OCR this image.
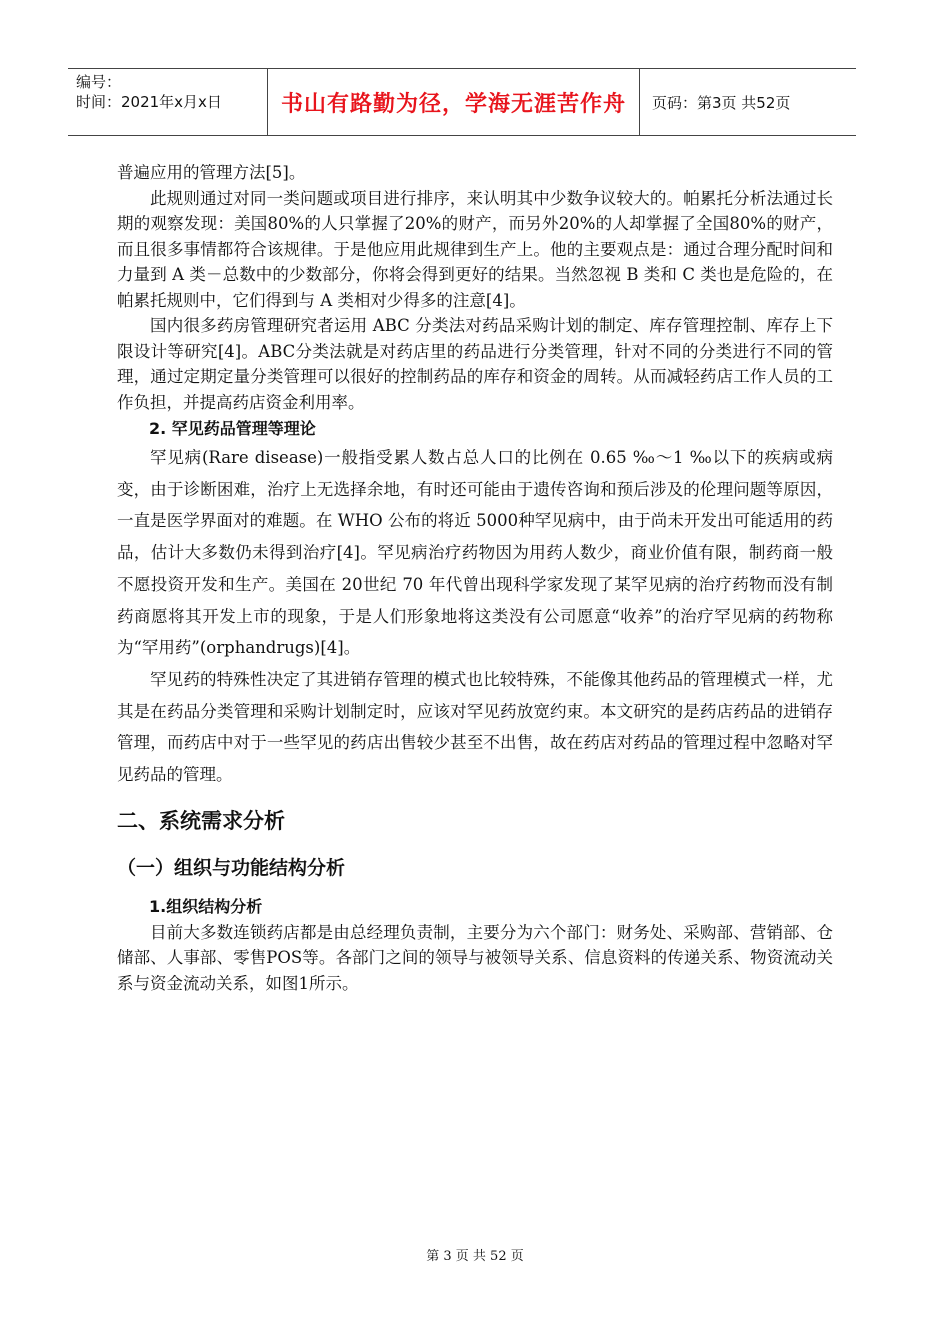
编号：
时间：2021年x月x日	书山有路勤为径，学海无涯苦作舟	页码：第3页 共52页

普遍应用的管理方法[5]。

此规则通过对同一类问题或项目进行排序，来认明其中少数争议较大的。帕累托分析法通过长期的观察发现：美国80%的人只掌握了20%的财产，而另外20%的人却掌握了全国80%的财产，而且很多事情都符合该规律。于是他应用此规律到生产上。他的主要观点是：通过合理分配时间和力量到 A 类－总数中的少数部分，你将会得到更好的结果。当然忽视 B 类和 C 类也是危险的，在帕累托规则中，它们得到与 A 类相对少得多的注意[4]。

国内很多药房管理研究者运用 ABC 分类法对药品采购计划的制定、库存管理控制、库存上下限设计等研究[4]。ABC分类法就是对药店里的药品进行分类管理，针对不同的分类进行不同的管理，通过定期定量分类管理可以很好的控制药品的库存和资金的周转。从而减轻药店工作人员的工作负担，并提高药店资金利用率。

2. 罕见药品管理等理论

罕见病(Rare disease)一般指受累人数占总人口的比例在 0.65 ‰～1 ‰以下的疾病或病变，由于诊断困难，治疗上无选择余地，有时还可能由于遗传咨询和预后涉及的伦理问题等原因，一直是医学界面对的难题。在 WHO 公布的将近 5000种罕见病中，由于尚未开发出可能适用的药品，估计大多数仍未得到治疗[4]。罕见病治疗药物因为用药人数少，商业价值有限，制药商一般不愿投资开发和生产。美国在 20世纪 70 年代曾出现科学家发现了某罕见病的治疗药物而没有制药商愿将其开发上市的现象，于是人们形象地将这类没有公司愿意“收养”的治疗罕见病的药物称为“罕用药”(orphandrugs)[4]。

罕见药的特殊性决定了其进销存管理的模式也比较特殊，不能像其他药品的管理模式一样，尤其是在药品分类管理和采购计划制定时，应该对罕见药放宽约束。本文研究的是药店药品的进销存管理，而药店中对于一些罕见的药店出售较少甚至不出售，故在药店对药品的管理过程中忽略对罕见药品的管理。

二、系统需求分析
（一）组织与功能结构分析
1.组织结构分析

目前大多数连锁药店都是由总经理负责制，主要分为六个部门：财务处、采购部、营销部、仓储部、人事部、零售POS等。各部门之间的领导与被领导关系、信息资料的传递关系、物资流动关系与资金流动关系，如图1所示。

第 3 页 共 52 页
